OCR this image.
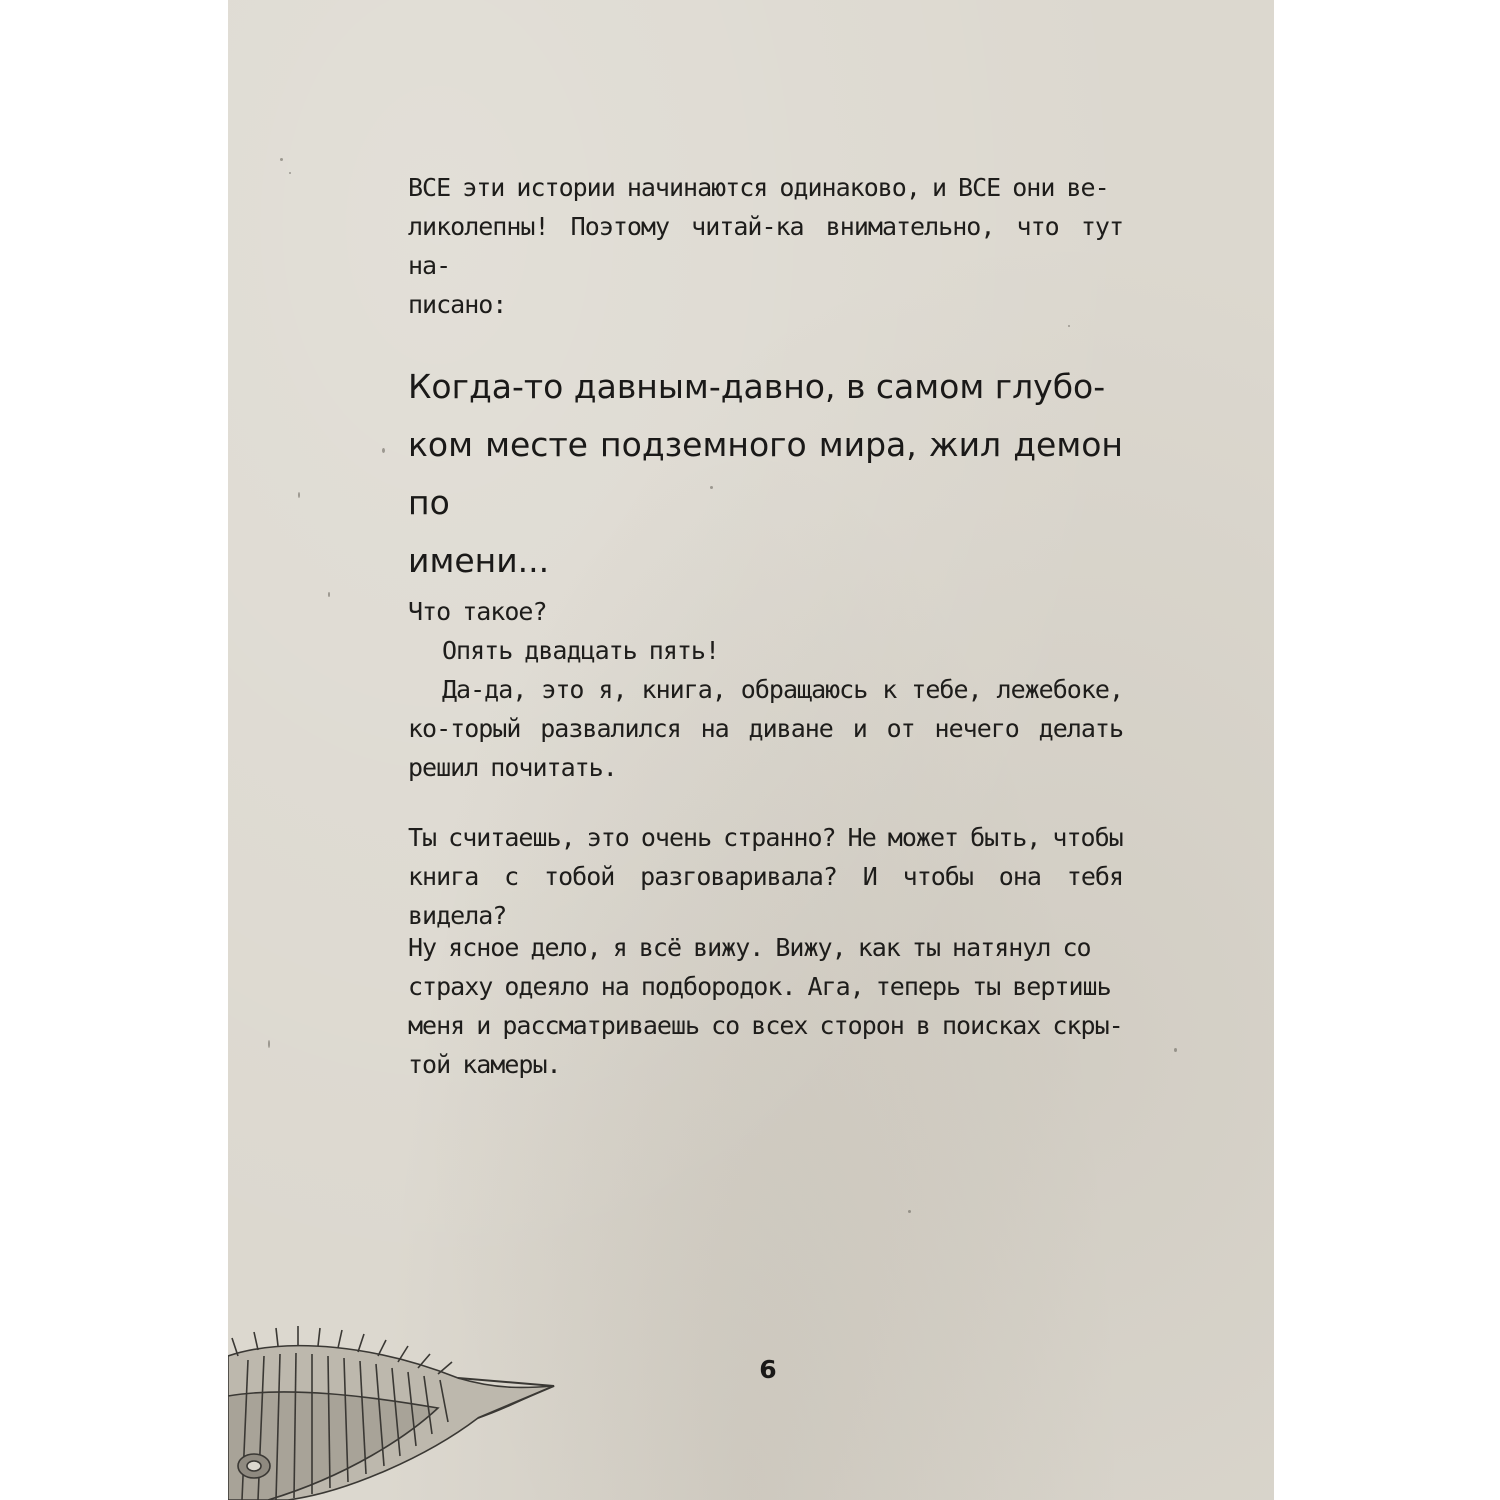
ВСЕ эти истории начинаются одинаково, и ВСЕ они ве-
ликолепны! Поэтому читай-ка внимательно, что тут на-
писано:

Когда-то давным-давно, в самом глубо-
ком месте подземного мира, жил демон по
имени...

Что такое?
Опять двадцать пять!
Да-да, это я, книга, обращаюсь к тебе, лежебоке, ко-торый развалился на диване и от нечего делать решил почитать.

Ты считаешь, это очень странно? Не может быть, чтобы
книга с тобой разговаривала? И чтобы она тебя видела?

Ну ясное дело, я всё вижу. Вижу, как ты натянул со
страху одеяло на подбородок. Ага, теперь ты вертишь
меня и рассматриваешь со всех сторон в поисках скры-
той камеры.

6
